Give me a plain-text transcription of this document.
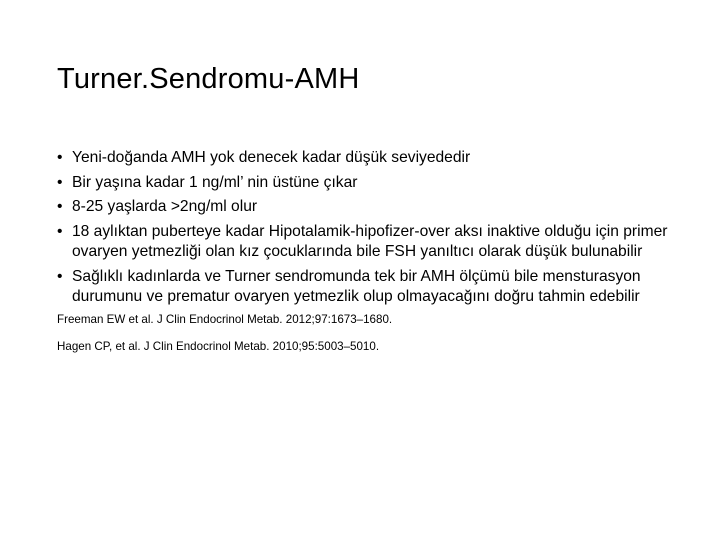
Turner.Sendromu-AMH
• Yeni-doğanda AMH yok denecek kadar düşük seviyededir
• Bir yaşına kadar 1 ng/ml’ nin üstüne çıkar
• 8-25 yaşlarda >2ng/ml olur
• 18 aylıktan puberteye kadar Hipotalamik-hipofizer-over aksı inaktive olduğu için primer ovaryen yetmezliği olan kız çocuklarında bile FSH yanıltıcı olarak düşük bulunabilir
• Sağlıklı kadınlarda ve Turner sendromunda tek bir AMH ölçümü bile mensturasyon durumunu ve prematur ovaryen yetmezlik olup olmayacağını doğru tahmin edebilir
Freeman EW et al. J Clin Endocrinol Metab. 2012;97:1673–1680.
Hagen CP, et al. J Clin Endocrinol Metab. 2010;95:5003–5010.
